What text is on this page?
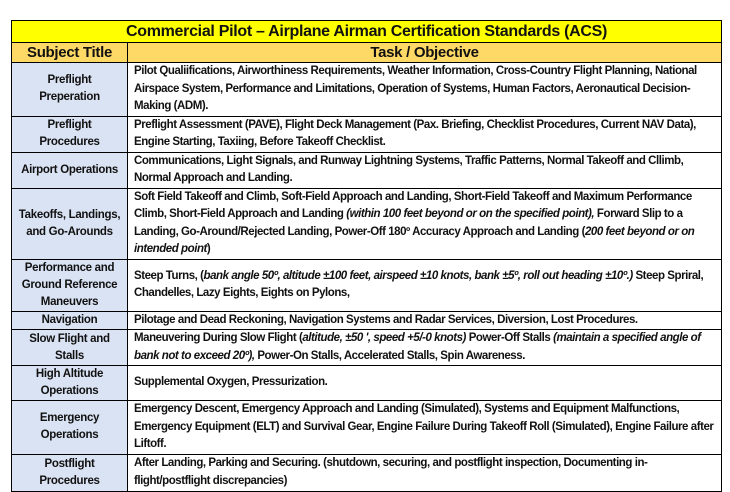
Commercial Pilot – Airplane Airman Certification Standards (ACS)	
Subject Title	Task / Objective
Preflight Preperation	Pilot Qualiifications, Airworthiness Requirements, Weather Information, Cross-Country Flight Planning, National Airspace System, Performance and Limitations, Operation of Systems, Human Factors, Aeronautical Decision-Making (ADM).
Preflight Procedures	Preflight Assessment (PAVE), Flight Deck Management (Pax. Briefing, Checklist Procedures, Current NAV Data), Engine Starting, Taxiing, Before Takeoff Checklist.
Airport Operations	Communications, Light Signals, and Runway Lightning Systems, Traffic Patterns, Normal Takeoff and Cllimb, Normal Approach and Landing.
Takeoffs, Landings, and Go-Arounds	Soft Field Takeoff and Climb, Soft-Field Approach and Landing, Short-Field Takeoff and Maximum Performance Climb, Short-Field Approach and Landing (within 100 feet beyond or on the specified point), Forward Slip to a Landing, Go-Around/Rejected Landing, Power-Off 180º Accuracy Approach and Landing (200 feet beyond or on intended point)
Performance and Ground Reference Maneuvers	Steep Turns, (bank angle 50º, altitude ±100 feet, airspeed ±10 knots, bank ±5º, roll out heading ±10º.) Steep Spriral, Chandelles, Lazy Eights, Eights on Pylons,
Navigation	Pilotage and Dead Reckoning, Navigation Systems and Radar Services, Diversion, Lost Procedures.
Slow Flight and Stalls	Maneuvering During Slow Flight (altitude, ±50 ', speed +5/-0 knots) Power-Off Stalls (maintain a specified angle of bank not to exceed 20º), Power-On Stalls, Accelerated Stalls, Spin Awareness.
High Altitude Operations	Supplemental Oxygen, Pressurization.
Emergency Operations	Emergency Descent, Emergency Approach and Landing (Simulated), Systems and Equipment Malfunctions, Emergency Equipment (ELT) and Survival Gear, Engine Failure During Takeoff Roll (Simulated), Engine Failure after Liftoff.
Postflight Procedures	After Landing, Parking and Securing. (shutdown, securing, and postflight inspection, Documenting in-flight/postflight discrepancies)
